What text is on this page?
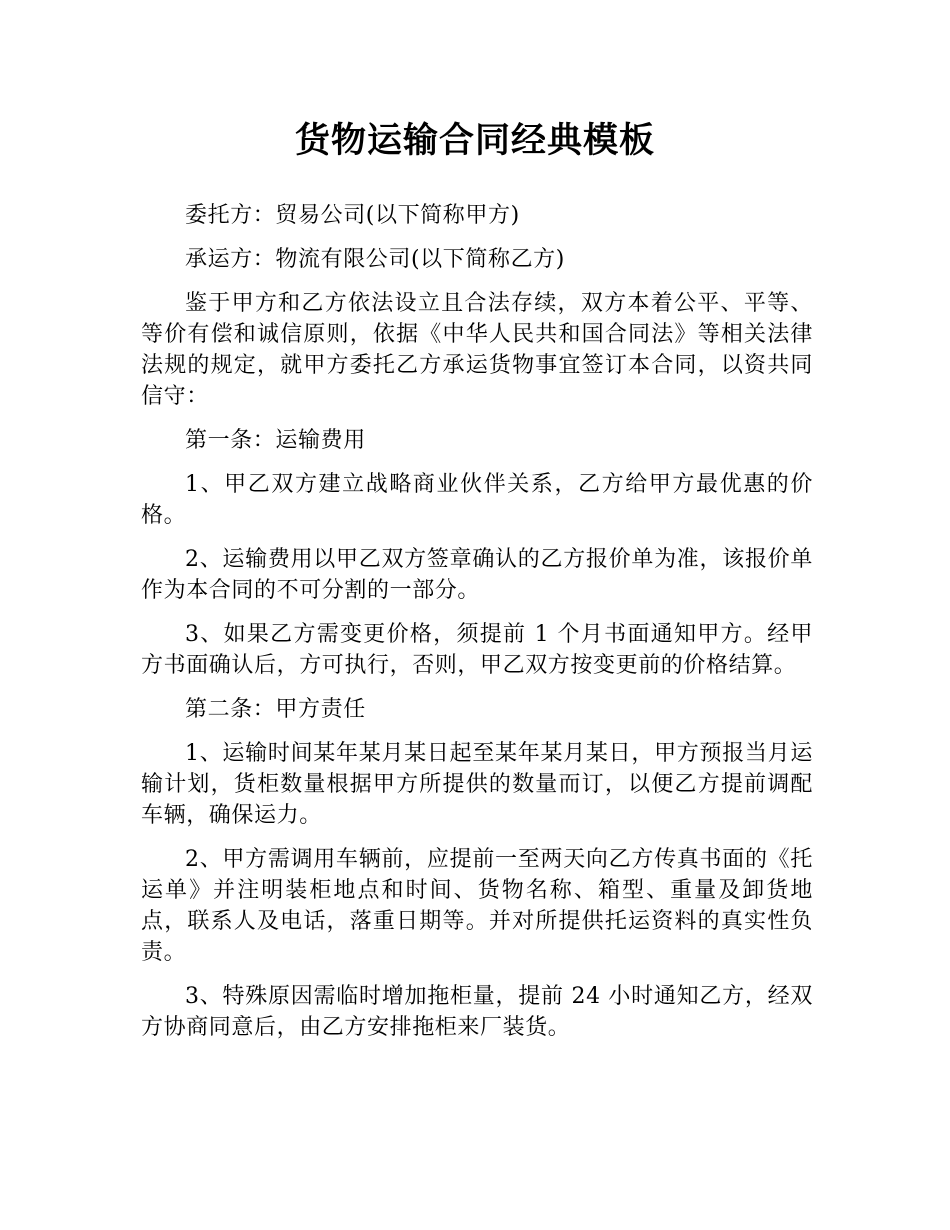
货物运输合同经典模板

委托方：贸易公司(以下简称甲方)

承运方：物流有限公司(以下简称乙方)

鉴于甲方和乙方依法设立且合法存续，双方本着公平、平等、等价有偿和诚信原则，依据《中华人民共和国合同法》等相关法律法规的规定，就甲方委托乙方承运货物事宜签订本合同，以资共同信守：

第一条：运输费用

1、甲乙双方建立战略商业伙伴关系，乙方给甲方最优惠的价格。

2、运输费用以甲乙双方签章确认的乙方报价单为准，该报价单作为本合同的不可分割的一部分。

3、如果乙方需变更价格，须提前 1 个月书面通知甲方。经甲方书面确认后，方可执行，否则，甲乙双方按变更前的价格结算。

第二条：甲方责任

1、运输时间某年某月某日起至某年某月某日，甲方预报当月运输计划，货柜数量根据甲方所提供的数量而订，以便乙方提前调配车辆，确保运力。

2、甲方需调用车辆前，应提前一至两天向乙方传真书面的《托运单》并注明装柜地点和时间、货物名称、箱型、重量及卸货地点，联系人及电话，落重日期等。并对所提供托运资料的真实性负责。

3、特殊原因需临时增加拖柜量，提前 24 小时通知乙方，经双方协商同意后，由乙方安排拖柜来厂装货。
